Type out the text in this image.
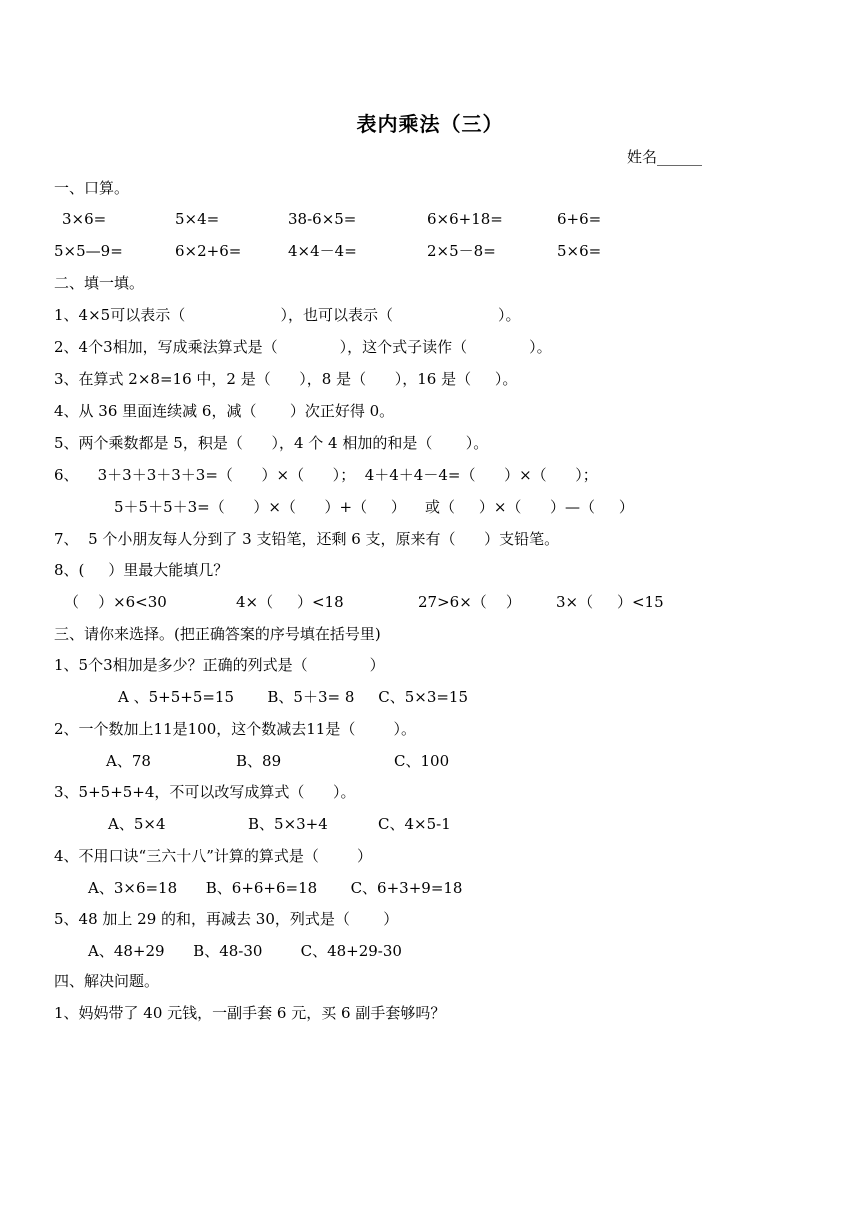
表内乘法（三）
姓名______
一、口算。
3×6=	5×4=	38-6×5=	6×6+18=	6+6=
5×5—9=	6×2+6=	4×4－4=	2×5－8=	5×6=
二、填一填。
1、4×5可以表示（                    ），也可以表示（                      ）。
2、4个3相加，写成乘法算式是（             ），这个式子读作（             ）。
3、在算式 2×8=16 中，2 是（      ），8 是（      ），16 是（     ）。
4、从 36 里面连续减 6，减（       ）次正好得 0。
5、两个乘数都是 5，积是（      ），4 个 4 相加的和是（       ）。
6、    3＋3＋3＋3＋3=（      ）×（      ）；  4＋4＋4－4=（      ）×（      ）；
5＋5＋5＋3=（      ）×（      ）+（     ）    或（     ）×（      ）—（     ）
7、  5 个小朋友每人分到了 3 支铅笔，还剩 6 支，原来有（      ）支铅笔。
8、(     ）里最大能填几？
（    ）×6<30	4×（     ）<18	27>6×（    ） 3×（     ）<15
三、请你来选择。(把正确答案的序号填在括号里)
1、5个3相加是多少？正确的列式是（             ）
A 、5+5+5=15       B、5＋3= 8     C、5×3=15
2、一个数加上11是100，这个数减去11是（        ）。
A、78	B、89	C、100
3、5+5+5+4，不可以改写成算式（      ）。
A、5×4	B、5×3+4	C、4×5-1
4、不用口诀“三六十八”计算的算式是（        ）
A、3×6=18      B、6+6+6=18       C、6+3+9=18
5、48 加上 29 的和，再减去 30，列式是（       ）
A、48+29      B、48-30        C、48+29-30
四、解决问题。
1、妈妈带了 40 元钱，一副手套 6 元，买 6 副手套够吗？
